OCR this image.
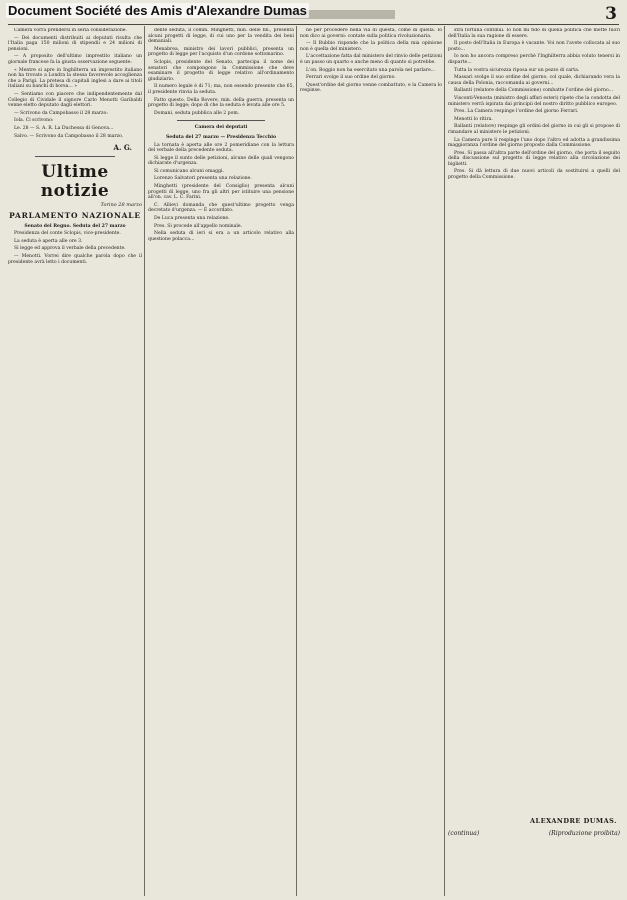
Document Société des Amis d'Alexandre Dumas	3

Camera vorrà prendersi in seria considerazione.

— Dei documenti distribuiti ai deputati risulta che l'Italia paga 150 milioni di stipendii e 24 milioni di pensioni.

— A proposito dell'ultimo imprestito italiano un giornale francese fa la giusta osservazione seguente:

« Mentre si apre in Inghilterra un imprestito italiano non ha trovato a Londra la stessa favorevole accoglienza che a Parigi. La pretesa di capitali inglesi a dare ai titoli italiani su banchi di borsa... »

— Sentiamo con piacere che indipendentemente dal Collegio di Cividale il signore Carlo Menotti Garibaldi venne eletto deputato dagli elettori.

— Scrivono da Campobasso il 28 marzo:

Iola. Ci scrivono:

Le. 28 — S. A. R. La Duchessa di Genova...

Salvo. — Scrivono da Campobasso il 28 marzo.

A. G.
Ultime notizie
Torino 28 marzo
PARLAMENTO NAZIONALE
Senato del Regno. Seduta del 27 marzo

Presidenza del conte Sclopis, vice-presidente.

La seduta è aperta alle ore 3.

Si legge ed approva il verbale della precedente.

— Menotti. Vorrei dire qualche parola dopo che il presidente avrà letto i documenti.

dente seduta, il comm. Minghetti, min. delle fin., presenta alcuni progetti di legge, di cui uno per la vendita dei beni demaniali.

Menabrea, ministro dei lavori pubblici, presenta un progetto di legge per l'acquisto d'un cordone sottomarino.

Sclopis, presidente del Senato, partecipa il nome dei senatori che compongono la Commissione che deve esaminare il progetto di legge relativo all'ordinamento giudiziario.

Il numero legale è di 71; ma, non essendo presente che 65, il presidente rinvia la seduta.

Fatto questo, Della Rovere, min. della guerra, presenta un progetto di legge; dopo di che la seduta è levata alle ore 5.

Domani, seduta pubblica alle 2 pom.

Camera dei deputati
Seduta del 27 marzo — Presidenza Tecchio

La tornata è aperta alle ore 2 pomeridiane con la lettura del verbale della precedente seduta.

Si legge il sunto delle petizioni, alcune delle quali vengono dichiarate d'urgenza.

Si comunicano alcuni omaggi.

Lorenzo Salvatori presenta una relazione.

Minghetti (presidente del Consiglio) presenta alcuni progetti di legge, uno fra gli altri per istituire una pensione all'on. cav. L. C. Farini.

C. Allievi domanda che quest'ultimo progetto venga decretato d'urgenza. — È accordato.

De Luca presenta una relazione.

Pres. Si procede all'appello nominale.

Nella seduta di ieri si era a un articolo relativo alla questione polacca...

nè per procedere nella via di questa, come di quella. Io non dico ai governi: contate sulla politica rivoluzionaria.

— Il Bubbio risponde che la politica della mia opinione non è quella del ministero.

L'accettazione fatta dal ministero del rinvio delle petizioni è un passo un quarto o anche meno di quanto si potrebbe.

L'on. Boggio non ha esercitato una parola nel parlare...

Ferrari svolge il suo ordine del giorno.

Quest'ordine del giorno venne combattuto, e la Camera lo respinse.

stra fortuna continui. Io non mi fido di quella politica che mette fuori dell'Italia la sua ragione di essere.

Il posto dell'Italia in Europa è vacante. Voi non l'avete collocata al suo posto...

Io non ho ancora compreso perchè l'Inghilterra abbia voluto tenersi in disparte...

Tutta la vostra sicurezza riposa sur un pezzo di carta.

Massari svolge il suo ordine del giorno, col quale, dichiarando vera la causa della Polonia, raccomanda ai governi...

Ballanti (relatore della Commissione) combatte l'ordine del giorno...

Visconti-Venosta (ministro degli affari esteri) ripete che la condotta del ministero verrà ispirata dai principii del nostro diritto pubblico europeo.

Pres. La Camera respinge l'ordine del giorno Ferrari.

Menotti lo ritira.

Ballanti (relatore) respinge gli ordini del giorno in cui gli si propose di rimandare al ministero le petizioni.

La Camera pure li respinge l'uno dopo l'altro ed adotta a grandissima maggioranza l'ordine del giorno proposto dalla Commissione.

Pres. Si passa all'altra parte dell'ordine del giorno, che porta il seguito della discussione sul progetto di legge relativo alla circolazione dei biglietti.

Pres. Si dà lettura di due nuovi articoli da sostituirsi a quelli del progetto della Commissione.

ALEXANDRE DUMAS.
(continua)	(Riproduzione proibita)
